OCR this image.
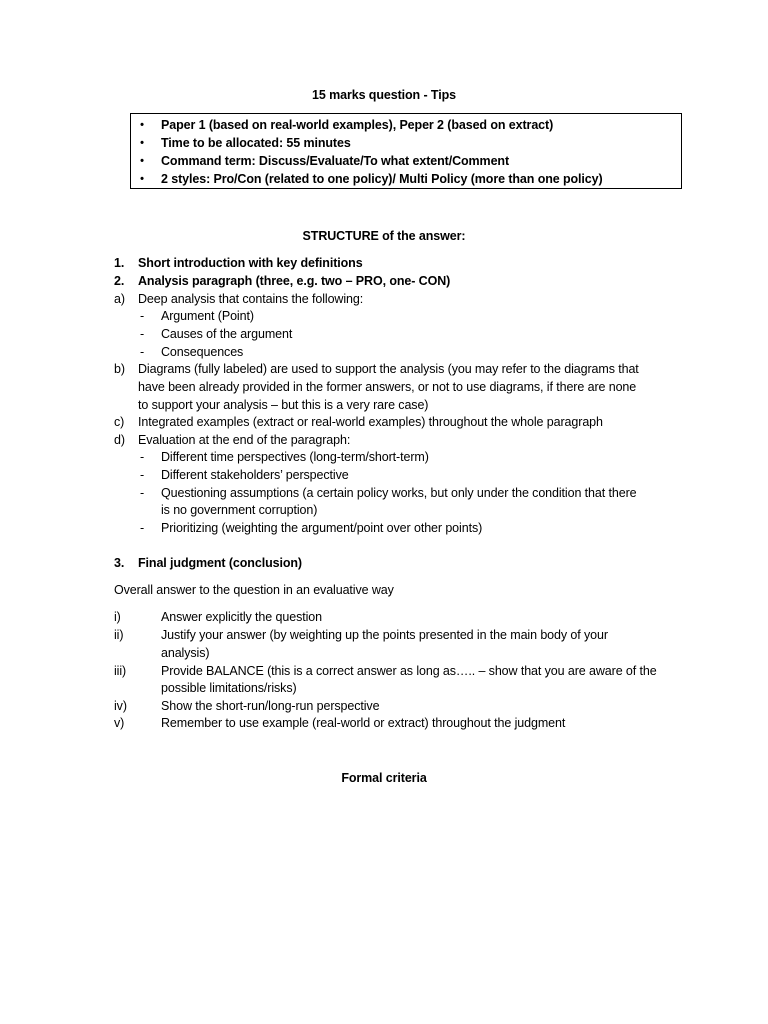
15 marks question - Tips
• Paper 1 (based on real-world examples), Peper 2 (based on extract)
• Time to be allocated: 55 minutes
• Command term: Discuss/Evaluate/To what extent/Comment
• 2 styles: Pro/Con (related to one policy)/ Multi Policy (more than one policy)
STRUCTURE of the answer:
1. Short introduction with key definitions
2. Analysis paragraph (three, e.g. two – PRO, one- CON)
a) Deep analysis that contains the following:
- Argument (Point)
- Causes of the argument
- Consequences
b) Diagrams (fully labeled) are used to support the analysis (you may refer to the diagrams that
have been already provided in the former answers, or not to use diagrams, if there are none
to support your analysis – but this is a very rare case)
c) Integrated examples (extract or real-world examples) throughout the whole paragraph
d) Evaluation at the end of the paragraph:
- Different time perspectives (long-term/short-term)
- Different stakeholders’ perspective
- Questioning assumptions (a certain policy works, but only under the condition that there
is no government corruption)
- Prioritizing (weighting the argument/point over other points)
3. Final judgment (conclusion)
Overall answer to the question in an evaluative way
i)	Answer explicitly the question
ii)	Justify your answer (by weighting up the points presented in the main body of your
analysis)
iii)	Provide BALANCE (this is a correct answer as long as….. – show that you are aware of the
possible limitations/risks)
iv)	Show the short-run/long-run perspective
v)	Remember to use example (real-world or extract) throughout the judgment
Formal criteria
